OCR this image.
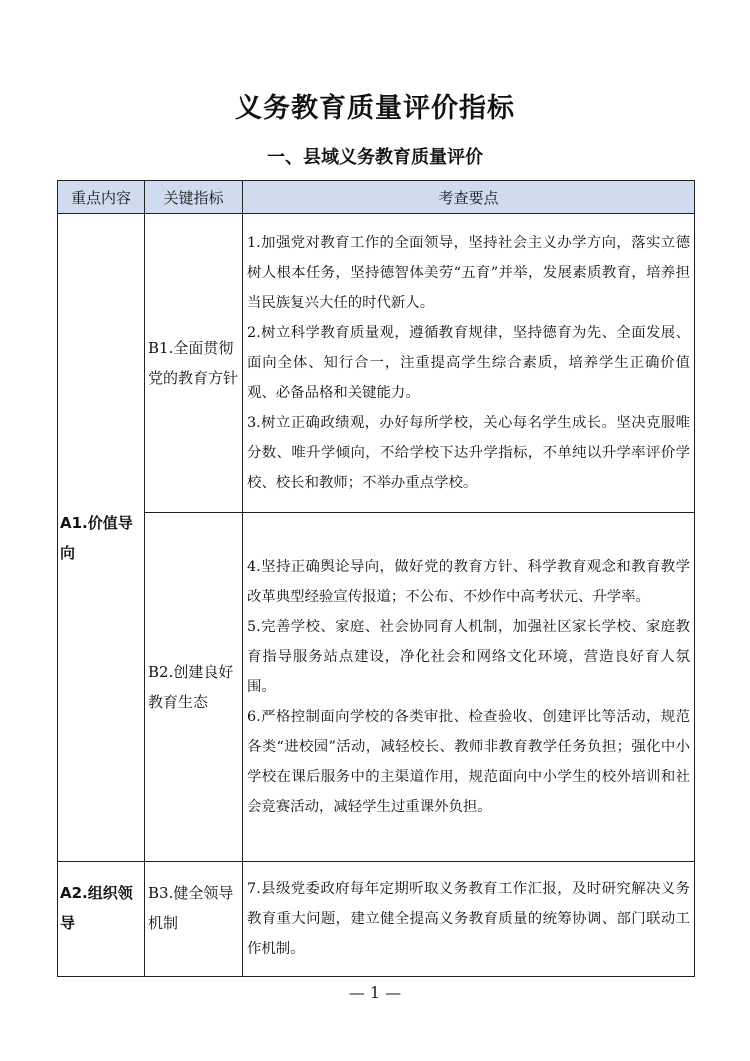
义务教育质量评价指标
一、县域义务教育质量评价
重点内容	关键指标	考查要点
A1.价值导向	B1.全面贯彻党的教育方针	1.加强党对教育工作的全面领导，坚持社会主义办学方向，落实立德树人根本任务，坚持德智体美劳“五育”并举，发展素质教育，培养担当民族复兴大任的时代新人。

2.树立科学教育质量观，遵循教育规律，坚持德育为先、全面发展、面向全体、知行合一，注重提高学生综合素质，培养学生正确价值观、必备品格和关键能力。

3.树立正确政绩观，办好每所学校，关心每名学生成长。坚决克服唯分数、唯升学倾向，不给学校下达升学指标，不单纯以升学率评价学校、校长和教师；不举办重点学校。

	B2.创建良好教育生态	4.坚持正确舆论导向，做好党的教育方针、科学教育观念和教育教学改革典型经验宣传报道；不公布、不炒作中高考状元、升学率。

5.完善学校、家庭、社会协同育人机制，加强社区家长学校、家庭教育指导服务站点建设，净化社会和网络文化环境，营造良好育人氛围。

6.严格控制面向学校的各类审批、检查验收、创建评比等活动，规范各类“进校园”活动，减轻校长、教师非教育教学任务负担；强化中小学校在课后服务中的主渠道作用，规范面向中小学生的校外培训和社会竞赛活动，减轻学生过重课外负担。

A2.组织领导	B3.健全领导机制	7.县级党委政府每年定期听取义务教育工作汇报，及时研究解决义务教育重大问题，建立健全提高义务教育质量的统筹协调、部门联动工作机制。

— 1 —
